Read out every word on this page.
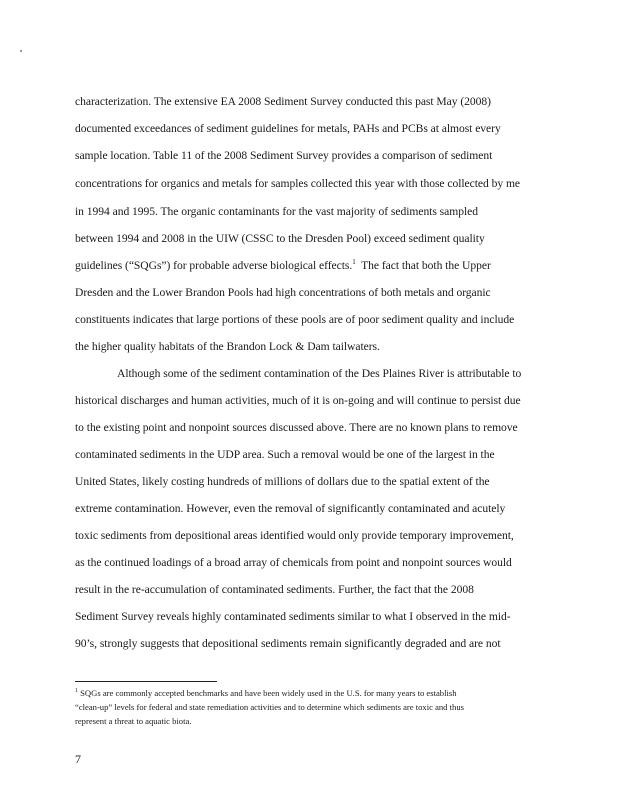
characterization. The extensive EA 2008 Sediment Survey conducted this past May (2008)
documented exceedances of sediment guidelines for metals, PAHs and PCBs at almost every
sample location. Table 11 of the 2008 Sediment Survey provides a comparison of sediment
concentrations for organics and metals for samples collected this year with those collected by me
in 1994 and 1995. The organic contaminants for the vast majority of sediments sampled
between 1994 and 2008 in the UIW (CSSC to the Dresden Pool) exceed sediment quality
guidelines (“SQGs”) for probable adverse biological effects.$^1$  The fact that both the Upper
Dresden and the Lower Brandon Pools had high concentrations of both metals and organic
constituents indicates that large portions of these pools are of poor sediment quality and include
the higher quality habitats of the Brandon Lock & Dam tailwaters.
Although some of the sediment contamination of the Des Plaines River is attributable to
historical discharges and human activities, much of it is on-going and will continue to persist due
to the existing point and nonpoint sources discussed above. There are no known plans to remove
contaminated sediments in the UDP area. Such a removal would be one of the largest in the
United States, likely costing hundreds of millions of dollars due to the spatial extent of the
extreme contamination. However, even the removal of significantly contaminated and acutely
toxic sediments from depositional areas identified would only provide temporary improvement,
as the continued loadings of a broad array of chemicals from point and nonpoint sources would
result in the re-accumulation of contaminated sediments. Further, the fact that the 2008
Sediment Survey reveals highly contaminated sediments similar to what I observed in the mid-
90’s, strongly suggests that depositional sediments remain significantly degraded and are not
$^1$ SQGs are commonly accepted benchmarks and have been widely used in the U.S. for many years to establish
“clean-up” levels for federal and state remediation activities and to determine which sediments are toxic and thus
represent a threat to aquatic biota.
7
